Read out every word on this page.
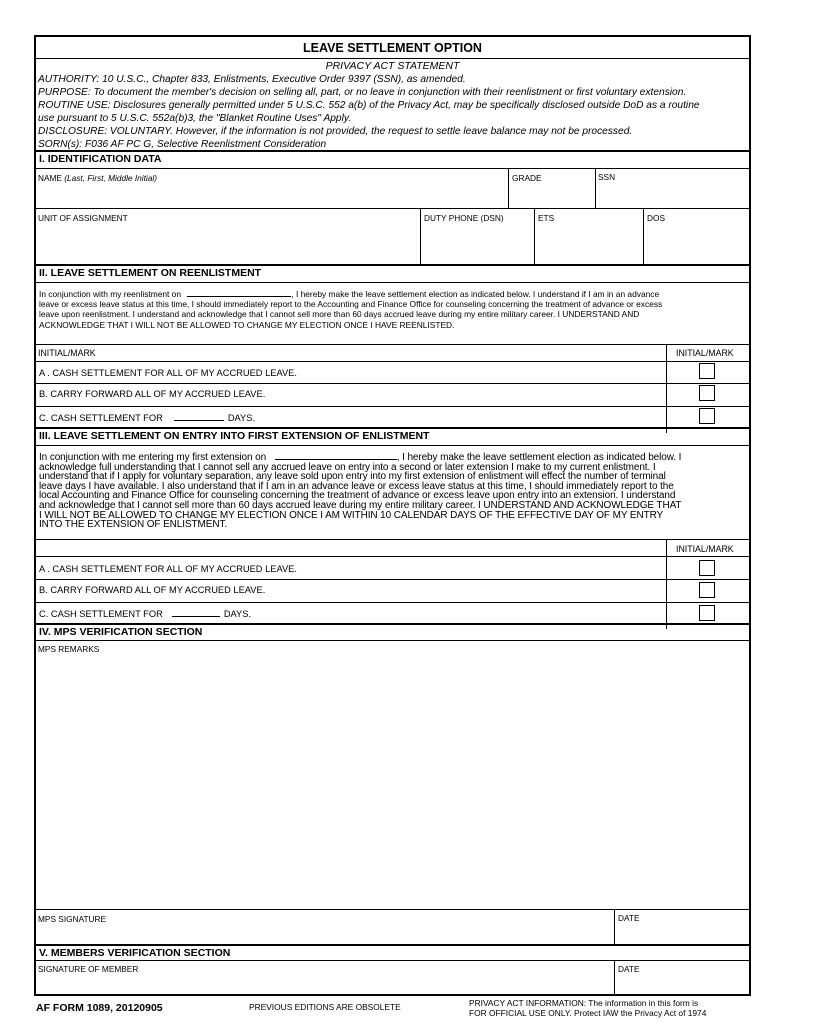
LEAVE SETTLEMENT OPTION
PRIVACY ACT STATEMENT
AUTHORITY: 10 U.S.C., Chapter 833, Enlistments, Executive Order 9397 (SSN), as amended.
PURPOSE: To document the member's decision on selling all, part, or no leave in conjunction with their reenlistment or first voluntary extension.
ROUTINE USE: Disclosures generally permitted under 5 U.S.C. 552 a(b) of the Privacy Act, may be specifically disclosed outside DoD as a routine
use pursuant to 5 U.S.C. 552a(b)3, the "Blanket Routine Uses" Apply.
DISCLOSURE: VOLUNTARY. However, if the information is not provided, the request to settle leave balance may not be processed.
SORN(s): F036 AF PC G, Selective Reenlistment Consideration
I. IDENTIFICATION DATA
NAME (Last, First, Middle Initial)	GRADE	SSN
UNIT OF ASSIGNMENT	DUTY PHONE (DSN)	ETS	DOS
II. LEAVE SETTLEMENT ON REENLISTMENT
In conjunction with my reenlistment on	, I hereby make the leave settlement election as indicated below. I understand if I am in an advance
leave or excess leave status at this time, I should immediately report to the Accounting and Finance Office for counseling concerning the treatment of advance or excess
leave upon reenlistment. I understand and acknowledge that I cannot sell more than 60 days accrued leave during my entire military career. I UNDERSTAND AND
ACKNOWLEDGE THAT I WILL NOT BE ALLOWED TO CHANGE MY ELECTION ONCE I HAVE REENLISTED.
INITIAL/MARK	INITIAL/MARK
A . CASH SETTLEMENT FOR ALL OF MY ACCRUED LEAVE.
B. CARRY FORWARD ALL OF MY ACCRUED LEAVE.
C. CASH SETTLEMENT FOR	DAYS.
III. LEAVE SETTLEMENT ON ENTRY INTO FIRST EXTENSION OF ENLISTMENT
In conjunction with me entering my first extension on	, I hereby make the leave settlement election as indicated below. I
acknowledge full understanding that I cannot sell any accrued leave on entry into a second or later extension I make to my current enlistment. I
understand that if I apply for voluntary separation, any leave sold upon entry into my first extension of enlistment will effect the number of terminal
leave days I have available. I also understand that if I am in an advance leave or excess leave status at this time, I should immediately report to the
local Accounting and Finance Office for counseling concerning the treatment of advance or excess leave upon entry into an extension. I understand
and acknowledge that I cannot sell more than 60 days accrued leave during my entire military career. I UNDERSTAND AND ACKNOWLEDGE THAT
I WILL NOT BE ALLOWED TO CHANGE MY ELECTION ONCE I AM WITHIN 10 CALENDAR DAYS OF THE EFFECTIVE DAY OF MY ENTRY
INTO THE EXTENSION OF ENLISTMENT.
INITIAL/MARK
A . CASH SETTLEMENT FOR ALL OF MY ACCRUED LEAVE.
B. CARRY FORWARD ALL OF MY ACCRUED LEAVE.
C. CASH SETTLEMENT FOR	DAYS.
IV. MPS VERIFICATION SECTION
MPS REMARKS
MPS SIGNATURE	DATE
V. MEMBERS VERIFICATION SECTION
SIGNATURE OF MEMBER	DATE
AF FORM 1089, 20120905	PREVIOUS EDITIONS ARE OBSOLETE	PRIVACY ACT INFORMATION: The information in this form is
FOR OFFICIAL USE ONLY. Protect IAW the Privacy Act of 1974
